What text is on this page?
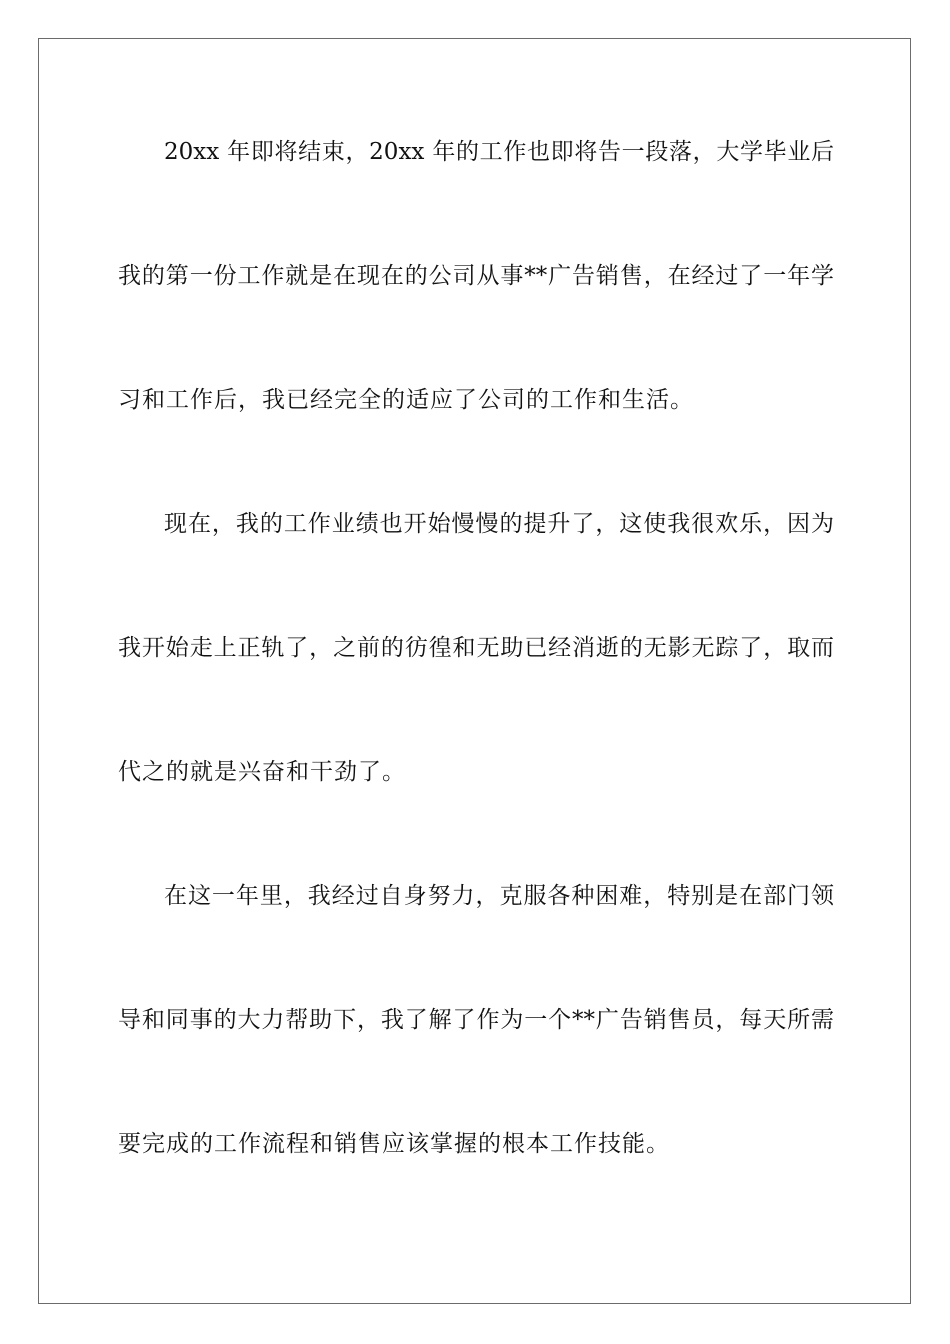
20xx 年即将结束，20xx 年的工作也即将告一段落，大学毕业后
我的第一份工作就是在现在的公司从事**广告销售，在经过了一年学
习和工作后，我已经完全的适应了公司的工作和生活。
现在，我的工作业绩也开始慢慢的提升了，这使我很欢乐，因为
我开始走上正轨了，之前的彷徨和无助已经消逝的无影无踪了，取而
代之的就是兴奋和干劲了。
在这一年里，我经过自身努力，克服各种困难，特别是在部门领
导和同事的大力帮助下，我了解了作为一个**广告销售员，每天所需
要完成的工作流程和销售应该掌握的根本工作技能。
